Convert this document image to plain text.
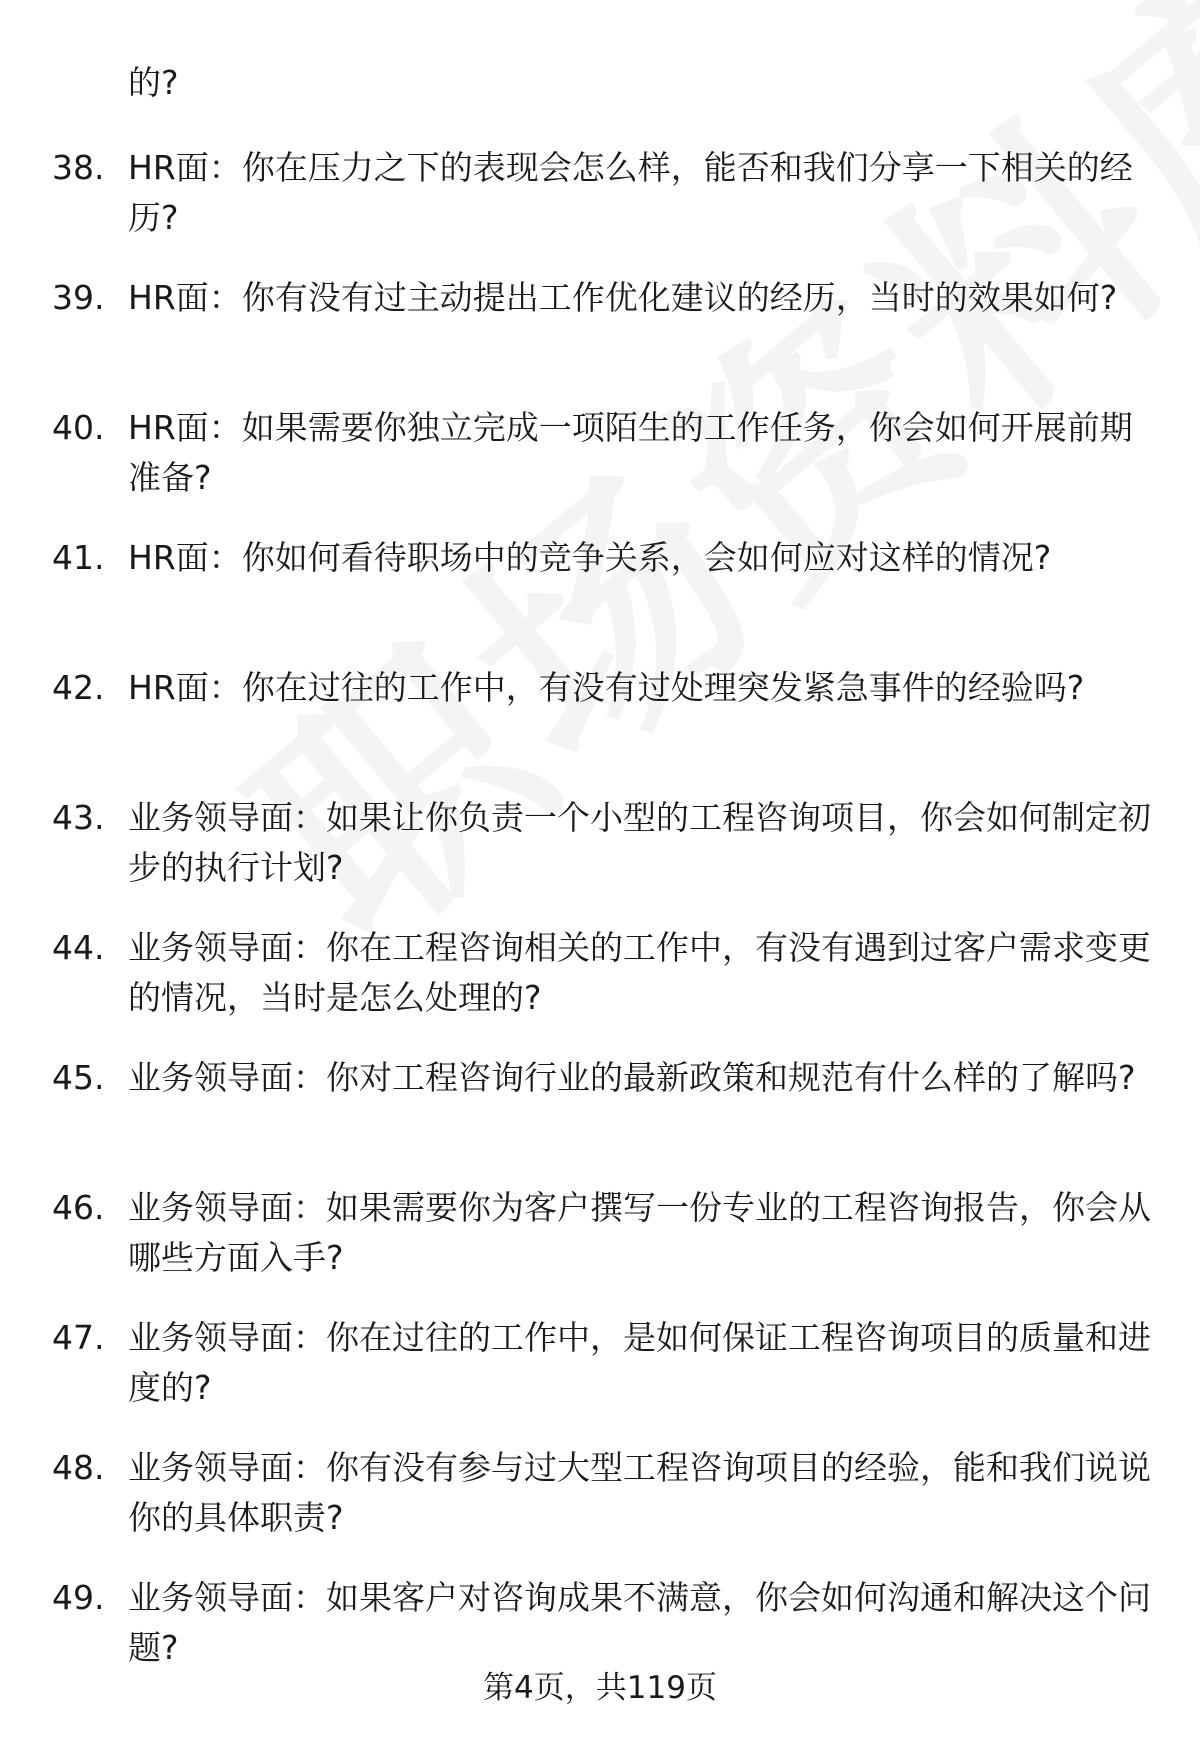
的?
38. HR面：你在压力之下的表现会怎么样，能否和我们分享一下相关的经历?
39. HR面：你有没有过主动提出工作优化建议的经历，当时的效果如何?
40. HR面：如果需要你独立完成一项陌生的工作任务，你会如何开展前期准备?
41. HR面：你如何看待职场中的竞争关系，会如何应对这样的情况?
42. HR面：你在过往的工作中，有没有过处理突发紧急事件的经验吗?
43. 业务领导面：如果让你负责一个小型的工程咨询项目，你会如何制定初步的执行计划?
44. 业务领导面：你在工程咨询相关的工作中，有没有遇到过客户需求变更的情况，当时是怎么处理的?
45. 业务领导面：你对工程咨询行业的最新政策和规范有什么样的了解吗?
46. 业务领导面：如果需要你为客户撰写一份专业的工程咨询报告，你会从哪些方面入手?
47. 业务领导面：你在过往的工作中，是如何保证工程咨询项目的质量和进度的?
48. 业务领导面：你有没有参与过大型工程咨询项目的经验，能和我们说说你的具体职责?
49. 业务领导面：如果客户对咨询成果不满意，你会如何沟通和解决这个问题?
第4页，共119页
